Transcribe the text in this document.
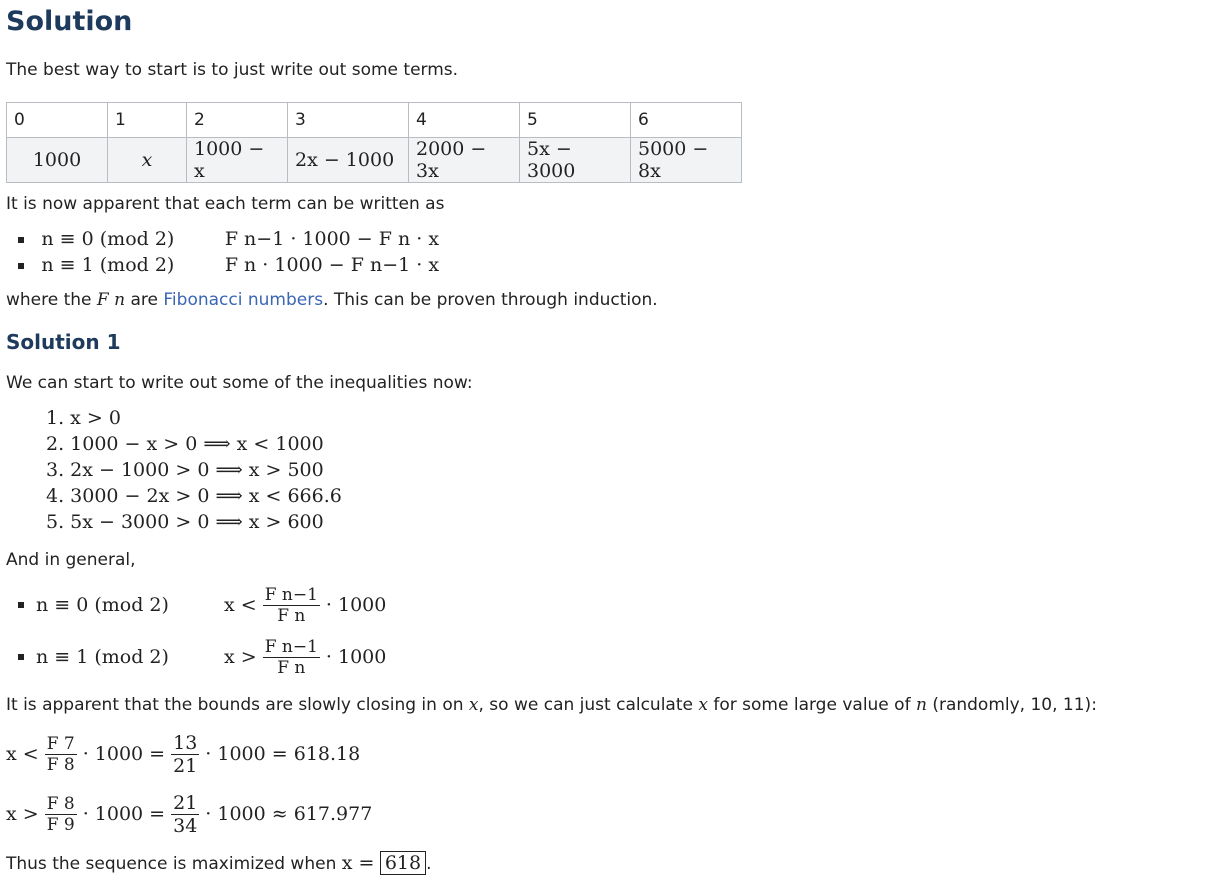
Solution
The best way to start is to just write out some terms.
0	1	2	3	4	5	6
1000	x	1000 − x	2x − 1000	2000 − 3x	5x − 3000	5000 − 8x
It is now apparent that each term can be written as
n ≡ 0 (mod 2)	F n−1 · 1000 − F n · x
n ≡ 1 (mod 2)	F n · 1000 − F n−1 · x
where the F n are Fibonacci numbers. This can be proven through induction.
Solution 1
We can start to write out some of the inequalities now:
1. x > 0
2. 1000 − x > 0 ⟹ x < 1000
3. 2x − 1000 > 0 ⟹ x > 500
4. 3000 − 2x > 0 ⟹ x < 666.6
5. 5x − 3000 > 0 ⟹ x > 600
And in general,
n ≡ 0 (mod 2)	$x < \frac{\text{F n−1}}{\text{F n}} \cdot 1000$
n ≡ 1 (mod 2)	$x > \frac{\text{F n−1}}{\text{F n}} \cdot 1000$
It is apparent that the bounds are slowly closing in on x, so we can just calculate x for some large value of n (randomly, 10, 11):
$x < \frac{F 7}{F 8} \cdot 1000 = \frac{13}{21} \cdot 1000 = 618.18$
$x > \frac{F 8}{F 9} \cdot 1000 = \frac{21}{34} \cdot 1000 \approx 617.977$
Thus the sequence is maximized when x = 618 .
